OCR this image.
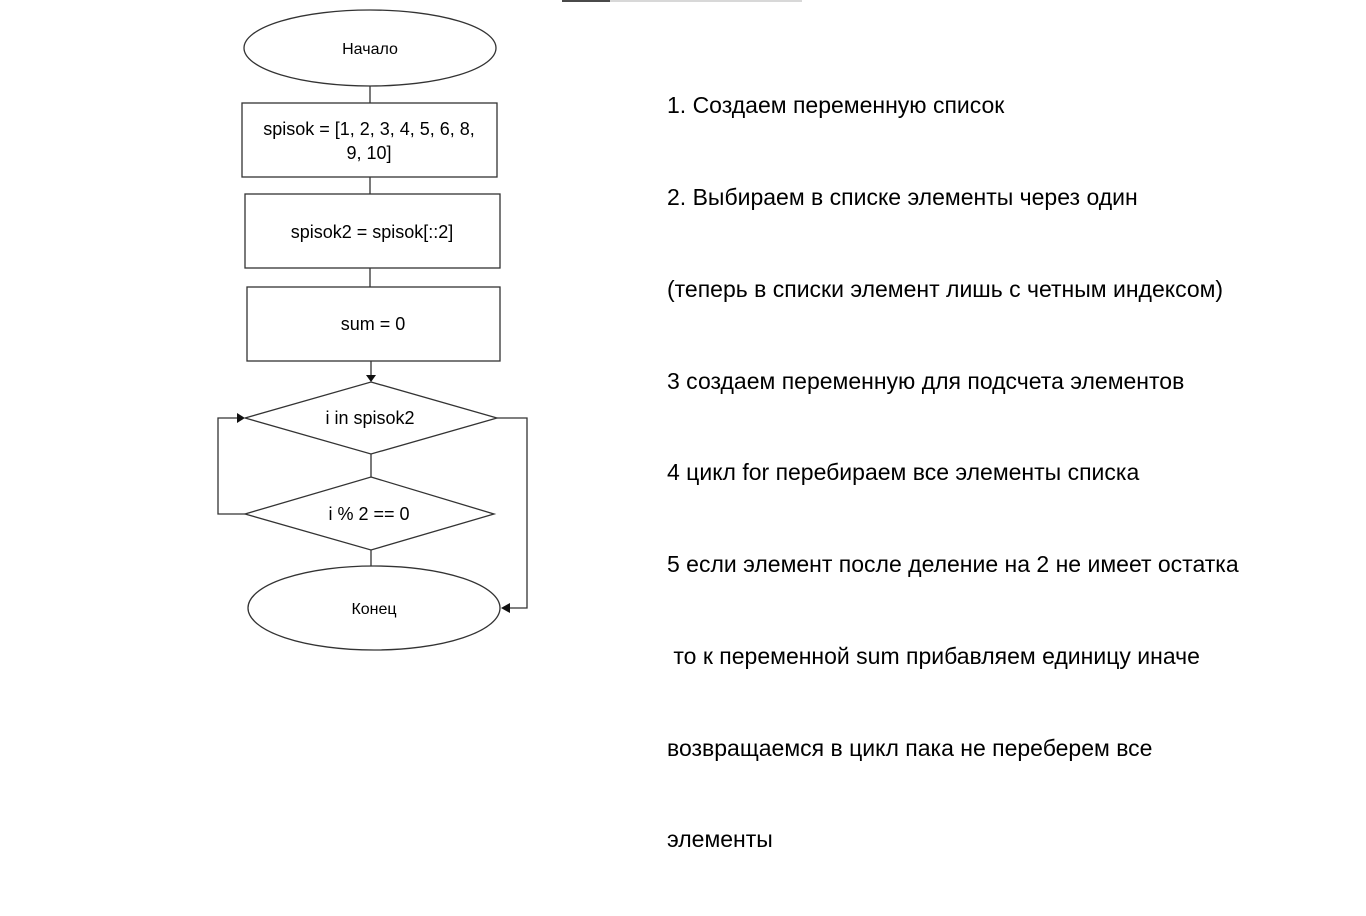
Начало
spisok = [1, 2, 3, 4, 5, 6, 8,
9, 10]
spisok2 = spisok[::2]
sum = 0
i in spisok2
i % 2 == 0
Конец

1. Создаем переменную список

2. Выбираем в списке элементы через один

(теперь в списки элемент лишь с четным индексом)

3 создаем переменную для подсчета элементов

4 цикл for перебираем все элементы списка

5 если элемент после деление на 2 не имеет остатка

то к переменной sum прибавляем единицу иначе

возвращаемся в цикл пака не переберем все

элементы
